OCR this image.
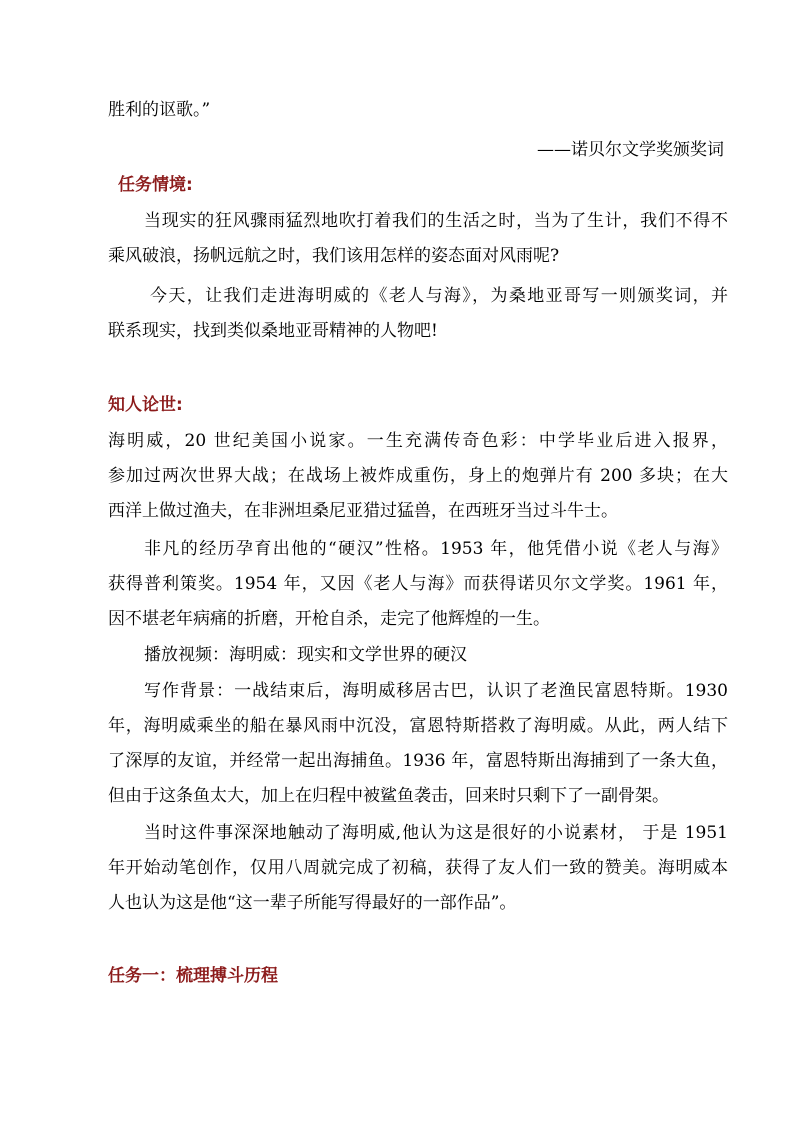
胜利的讴歌。”
——诺贝尔文学奖颁奖词
任务情境:
当现实的狂风骤雨猛烈地吹打着我们的生活之时，当为了生计，我们不得不
乘风破浪，扬帆远航之时，我们该用怎样的姿态面对风雨呢?
今天，让我们走进海明威的《老人与海》，为桑地亚哥写一则颁奖词，并
联系现实，找到类似桑地亚哥精神的人物吧!
知人论世:
海明威，20 世纪美国小说家。一生充满传奇色彩：中学毕业后进入报界，
参加过两次世界大战；在战场上被炸成重伤，身上的炮弹片有 200 多块；在大
西洋上做过渔夫，在非洲坦桑尼亚猎过猛兽，在西班牙当过斗牛士。
非凡的经历孕育出他的“硬汉”性格。1953 年，他凭借小说《老人与海》
获得普利策奖。1954 年，又因《老人与海》而获得诺贝尔文学奖。1961 年，
因不堪老年病痛的折磨，开枪自杀，走完了他辉煌的一生。
播放视频：海明威：现实和文学世界的硬汉
写作背景：一战结束后，海明威移居古巴，认识了老渔民富恩特斯。1930
年，海明威乘坐的船在暴风雨中沉没，富恩特斯搭救了海明威。从此，两人结下
了深厚的友谊，并经常一起出海捕鱼。1936 年，富恩特斯出海捕到了一条大鱼，
但由于这条鱼太大，加上在归程中被鲨鱼袭击，回来时只剩下了一副骨架。
当时这件事深深地触动了海明威,他认为这是很好的小说素材， 于是 1951
年开始动笔创作，仅用八周就完成了初稿，获得了友人们一致的赞美。海明威本
人也认为这是他“这一辈子所能写得最好的一部作品”。
任务一：梳理搏斗历程
